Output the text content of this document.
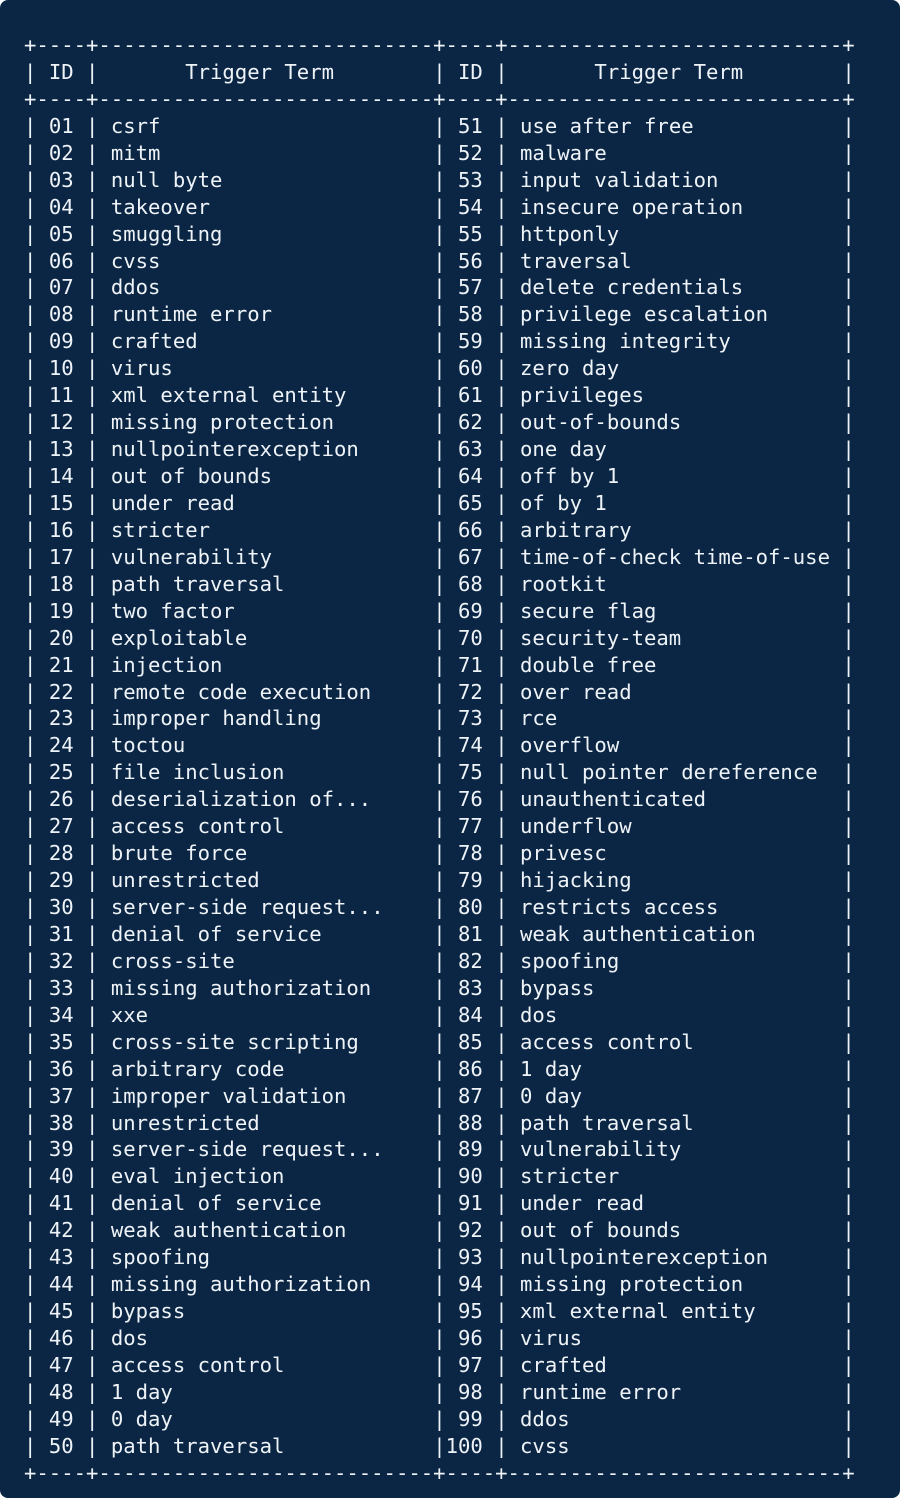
+----+---------------------------+----+---------------------------+
| ID |       Trigger Term        | ID |       Trigger Term        |
+----+---------------------------+----+---------------------------+
| 01 | csrf                      | 51 | use after free            |
| 02 | mitm                      | 52 | malware                   |
| 03 | null byte                 | 53 | input validation          |
| 04 | takeover                  | 54 | insecure operation        |
| 05 | smuggling                 | 55 | httponly                  |
| 06 | cvss                      | 56 | traversal                 |
| 07 | ddos                      | 57 | delete credentials        |
| 08 | runtime error             | 58 | privilege escalation      |
| 09 | crafted                   | 59 | missing integrity         |
| 10 | virus                     | 60 | zero day                  |
| 11 | xml external entity       | 61 | privileges                |
| 12 | missing protection        | 62 | out-of-bounds             |
| 13 | nullpointerexception      | 63 | one day                   |
| 14 | out of bounds             | 64 | off by 1                  |
| 15 | under read                | 65 | of by 1                   |
| 16 | stricter                  | 66 | arbitrary                 |
| 17 | vulnerability             | 67 | time-of-check time-of-use |
| 18 | path traversal            | 68 | rootkit                   |
| 19 | two factor                | 69 | secure flag               |
| 20 | exploitable               | 70 | security-team             |
| 21 | injection                 | 71 | double free               |
| 22 | remote code execution     | 72 | over read                 |
| 23 | improper handling         | 73 | rce                       |
| 24 | toctou                    | 74 | overflow                  |
| 25 | file inclusion            | 75 | null pointer dereference  |
| 26 | deserialization of...     | 76 | unauthenticated           |
| 27 | access control            | 77 | underflow                 |
| 28 | brute force               | 78 | privesc                   |
| 29 | unrestricted              | 79 | hijacking                 |
| 30 | server-side request...    | 80 | restricts access          |
| 31 | denial of service         | 81 | weak authentication       |
| 32 | cross-site                | 82 | spoofing                  |
| 33 | missing authorization     | 83 | bypass                    |
| 34 | xxe                       | 84 | dos                       |
| 35 | cross-site scripting      | 85 | access control            |
| 36 | arbitrary code            | 86 | 1 day                     |
| 37 | improper validation       | 87 | 0 day                     |
| 38 | unrestricted              | 88 | path traversal            |
| 39 | server-side request...    | 89 | vulnerability             |
| 40 | eval injection            | 90 | stricter                  |
| 41 | denial of service         | 91 | under read                |
| 42 | weak authentication       | 92 | out of bounds             |
| 43 | spoofing                  | 93 | nullpointerexception      |
| 44 | missing authorization     | 94 | missing protection        |
| 45 | bypass                    | 95 | xml external entity       |
| 46 | dos                       | 96 | virus                     |
| 47 | access control            | 97 | crafted                   |
| 48 | 1 day                     | 98 | runtime error             |
| 49 | 0 day                     | 99 | ddos                      |
| 50 | path traversal            |100 | cvss                      |
+----+---------------------------+----+---------------------------+
